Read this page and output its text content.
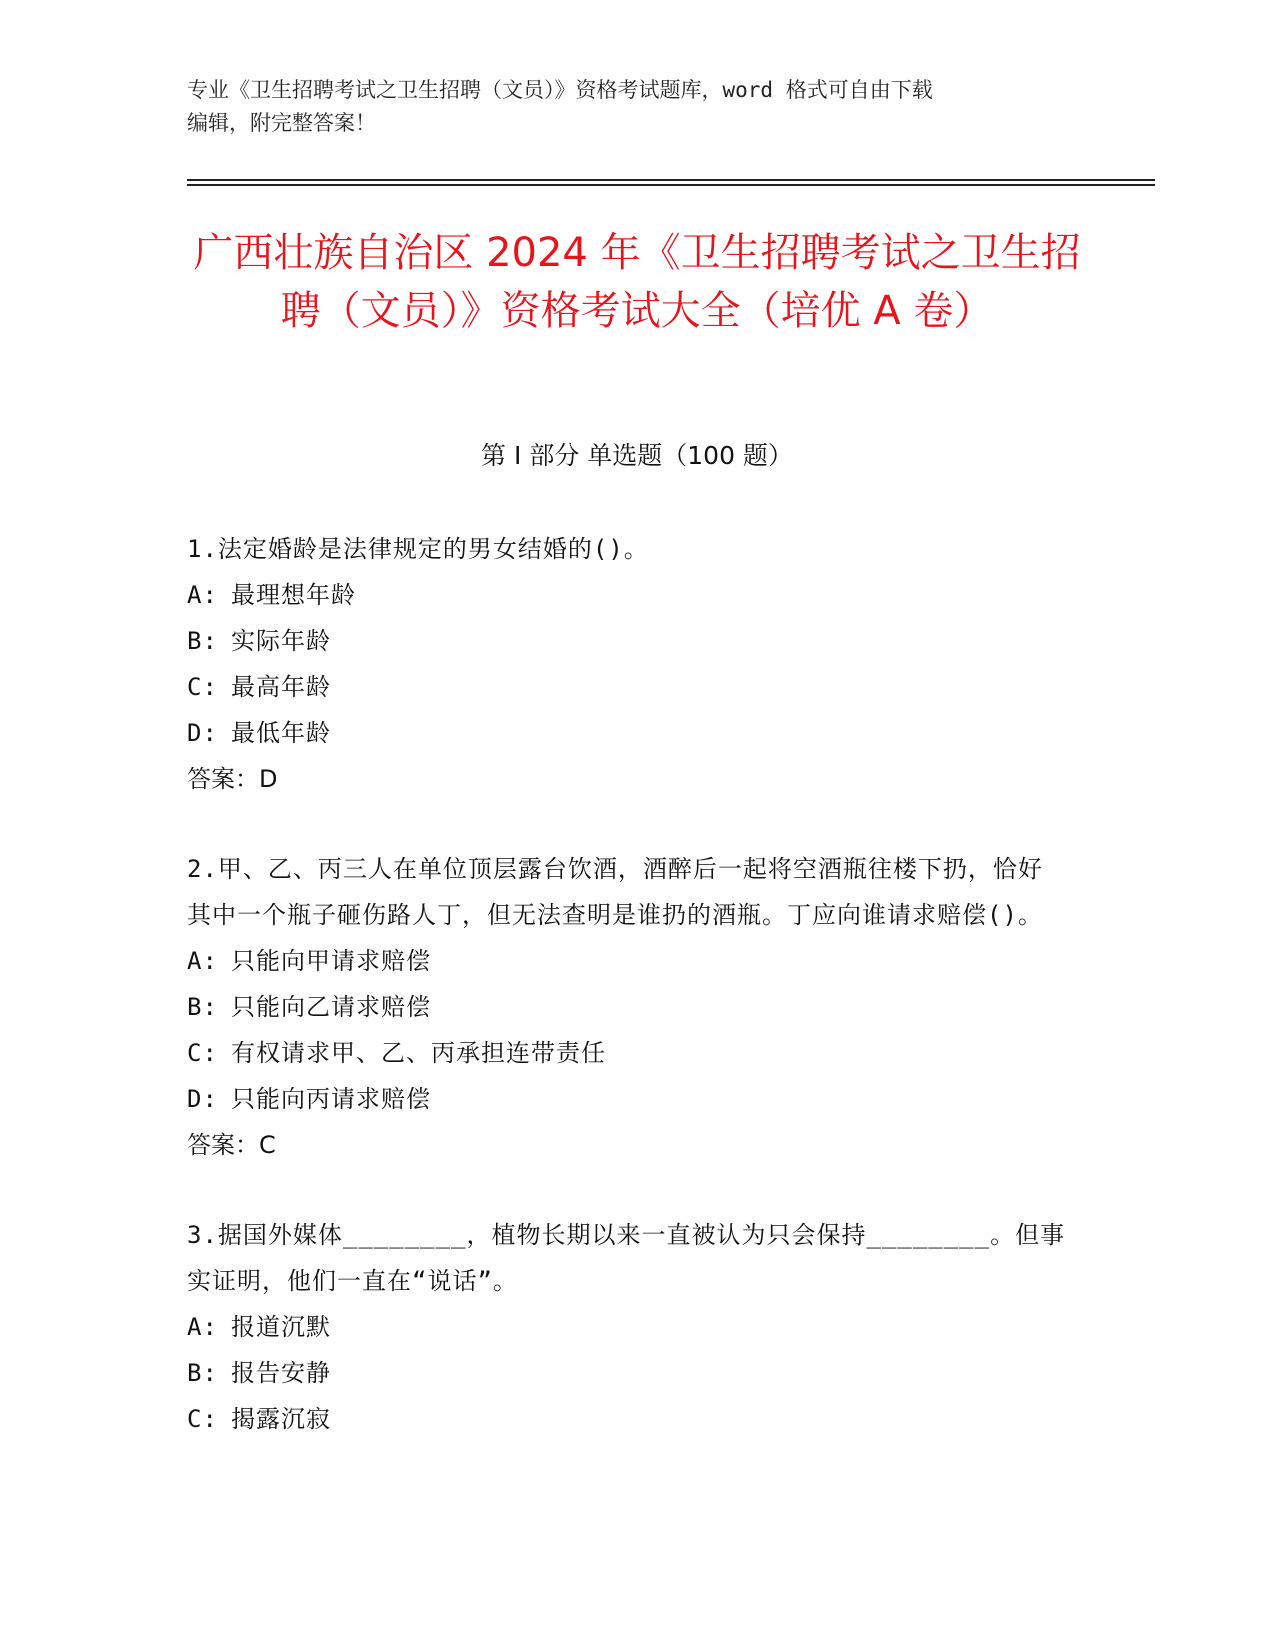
专业《卫生招聘考试之卫生招聘（文员）》资格考试题库，word 格式可自由下载
编辑，附完整答案！
广西壮族自治区 2024 年《卫生招聘考试之卫生招聘（文员）》资格考试大全（培优 A 卷）
第 I 部分 单选题（100 题）
1.法定婚龄是法律规定的男女结婚的()。
A: 最理想年龄
B: 实际年龄
C: 最高年龄
D: 最低年龄
答案：D
2.甲、乙、丙三人在单位顶层露台饮酒，酒醉后一起将空酒瓶往楼下扔，恰好其中一个瓶子砸伤路人丁，但无法查明是谁扔的酒瓶。丁应向谁请求赔偿()。
A: 只能向甲请求赔偿
B: 只能向乙请求赔偿
C: 有权请求甲、乙、丙承担连带责任
D: 只能向丙请求赔偿
答案：C
3.据国外媒体________，植物长期以来一直被认为只会保持________。但事实证明，他们一直在“说话”。
A: 报道沉默
B: 报告安静
C: 揭露沉寂
